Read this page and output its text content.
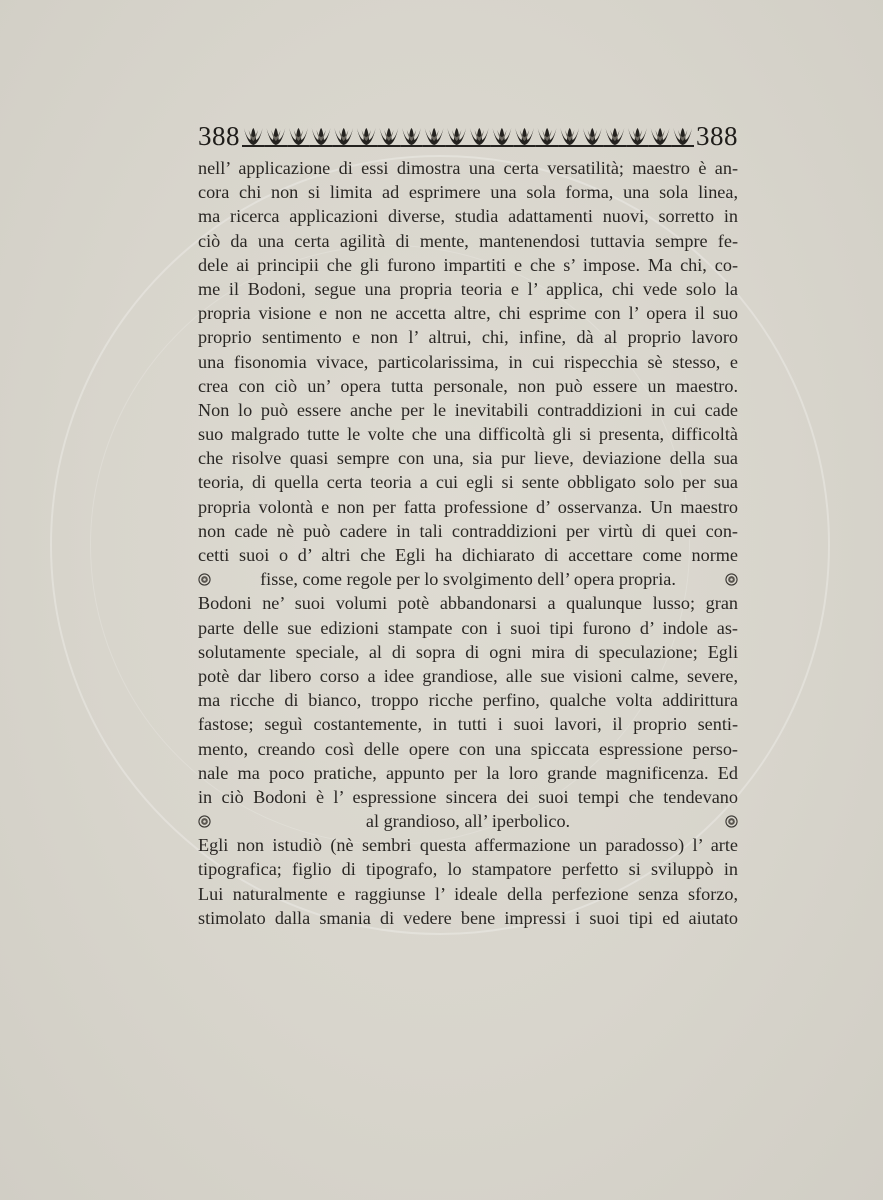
388	388
nell’ applicazione di essi dimostra una certa versatilità; maestro è an-
cora chi non si limita ad esprimere una sola forma, una sola linea,
ma ricerca applicazioni diverse, studia adattamenti nuovi, sorretto in
ciò da una certa agilità di mente, mantenendosi tuttavia sempre fe-
dele ai principii che gli furono impartiti e che s’ impose. Ma chi, co-
me il Bodoni, segue una propria teoria e l’ applica, chi vede solo la
propria visione e non ne accetta altre, chi esprime con l’ opera il suo
proprio sentimento e non l’ altrui, chi, infine, dà al proprio lavoro
una fisonomia vivace, particolarissima, in cui rispecchia sè stesso, e
crea con ciò un’ opera tutta personale, non può essere un maestro.
Non lo può essere anche per le inevitabili contraddizioni in cui cade
suo malgrado tutte le volte che una difficoltà gli si presenta, difficoltà
che risolve quasi sempre con una, sia pur lieve, deviazione della sua
teoria, di quella certa teoria a cui egli si sente obbligato solo per sua
propria volontà e non per fatta professione d’ osservanza. Un maestro
non cade nè può cadere in tali contraddizioni per virtù di quei con-
cetti suoi o d’ altri che Egli ha dichiarato di accettare come norme
fisse, come regole per lo svolgimento dell’ opera propria.
Bodoni ne’ suoi volumi potè abbandonarsi a qualunque lusso; gran
parte delle sue edizioni stampate con i suoi tipi furono d’ indole as-
solutamente speciale, al di sopra di ogni mira di speculazione; Egli
potè dar libero corso a idee grandiose, alle sue visioni calme, severe,
ma ricche di bianco, troppo ricche perfino, qualche volta addirittura
fastose; seguì costantemente, in tutti i suoi lavori, il proprio senti-
mento, creando così delle opere con una spiccata espressione perso-
nale ma poco pratiche, appunto per la loro grande magnificenza. Ed
in ciò Bodoni è l’ espressione sincera dei suoi tempi che tendevano
al grandioso, all’ iperbolico.
Egli non istudiò (nè sembri questa affermazione un paradosso) l’ arte
tipografica; figlio di tipografo, lo stampatore perfetto si sviluppò in
Lui naturalmente e raggiunse l’ ideale della perfezione senza sforzo,
stimolato dalla smania di vedere bene impressi i suoi tipi ed aiutato
